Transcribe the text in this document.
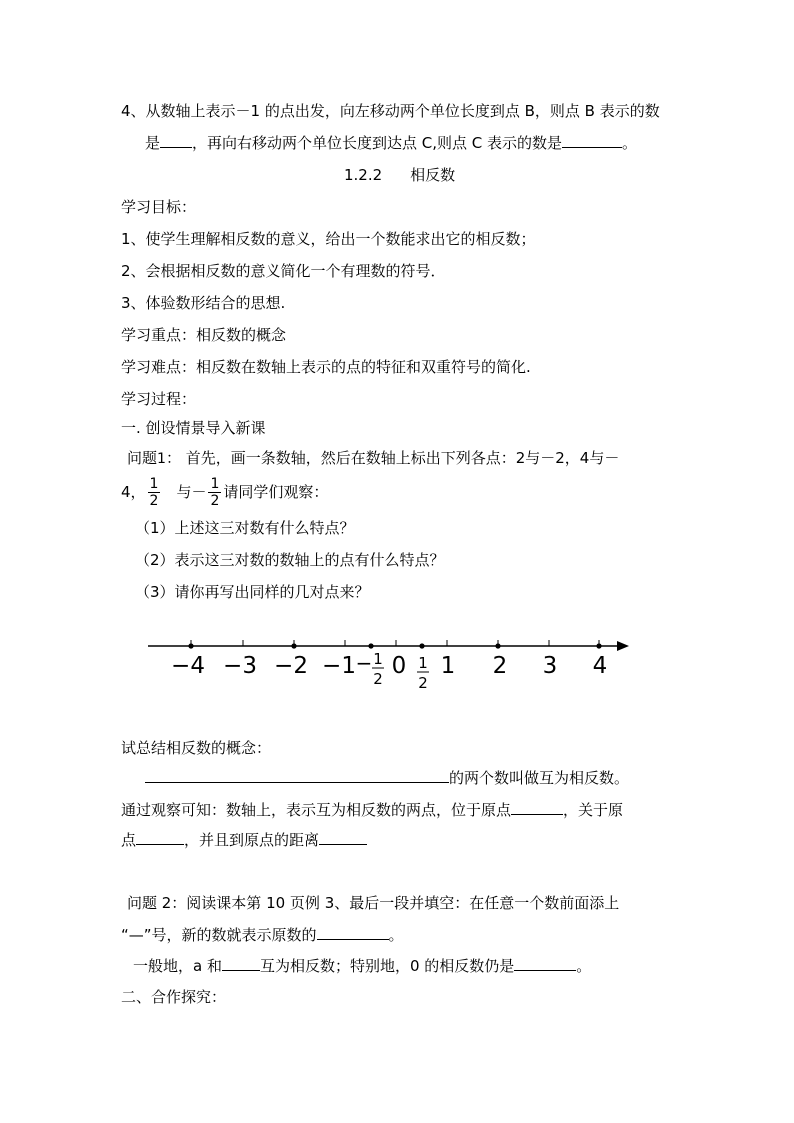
4、从数轴上表示－1 的点出发，向左移动两个单位长度到点 B，则点 B 表示的数
是 ，再向右移动两个单位长度到达点 C,则点 C 表示的数是	。
1.2.2 相反数
学习目标：
1、使学生理解相反数的意义，给出一个数能求出它的相反数；
2、会根据相反数的意义简化一个有理数的符号．
3、体验数形结合的思想.
学习重点：相反数的概念
学习难点：相反数在数轴上表示的点的特征和双重符号的简化.
学习过程：
一. 创设情景导入新课
问题1： 首先，画一条数轴，然后在数轴上标出下列各点：2与－2，4与－
4， $\frac{1}{2}$ 与－ $\frac{1}{2}$ 请同学们观察：
（1）上述这三对数有什么特点？
（2）表示这三对数的数轴上的点有什么特点？
（3）请你再写出同样的几对点来？
−4 −3 −2 −1 0 1 2 3 4
− 1
2
1
2
试总结相反数的概念：
的两个数叫做互为相反数。
通过观察可知：数轴上，表示互为相反数的两点，位于原点	，关于原
点	，并且到原点的距离
问题 2：阅读课本第 10 页例 3、最后一段并填空：在任意一个数前面添上
“—”号，新的数就表示原数的	。
一般地，a 和	互为相反数；特别地，0 的相反数仍是	。
二、合作探究：
